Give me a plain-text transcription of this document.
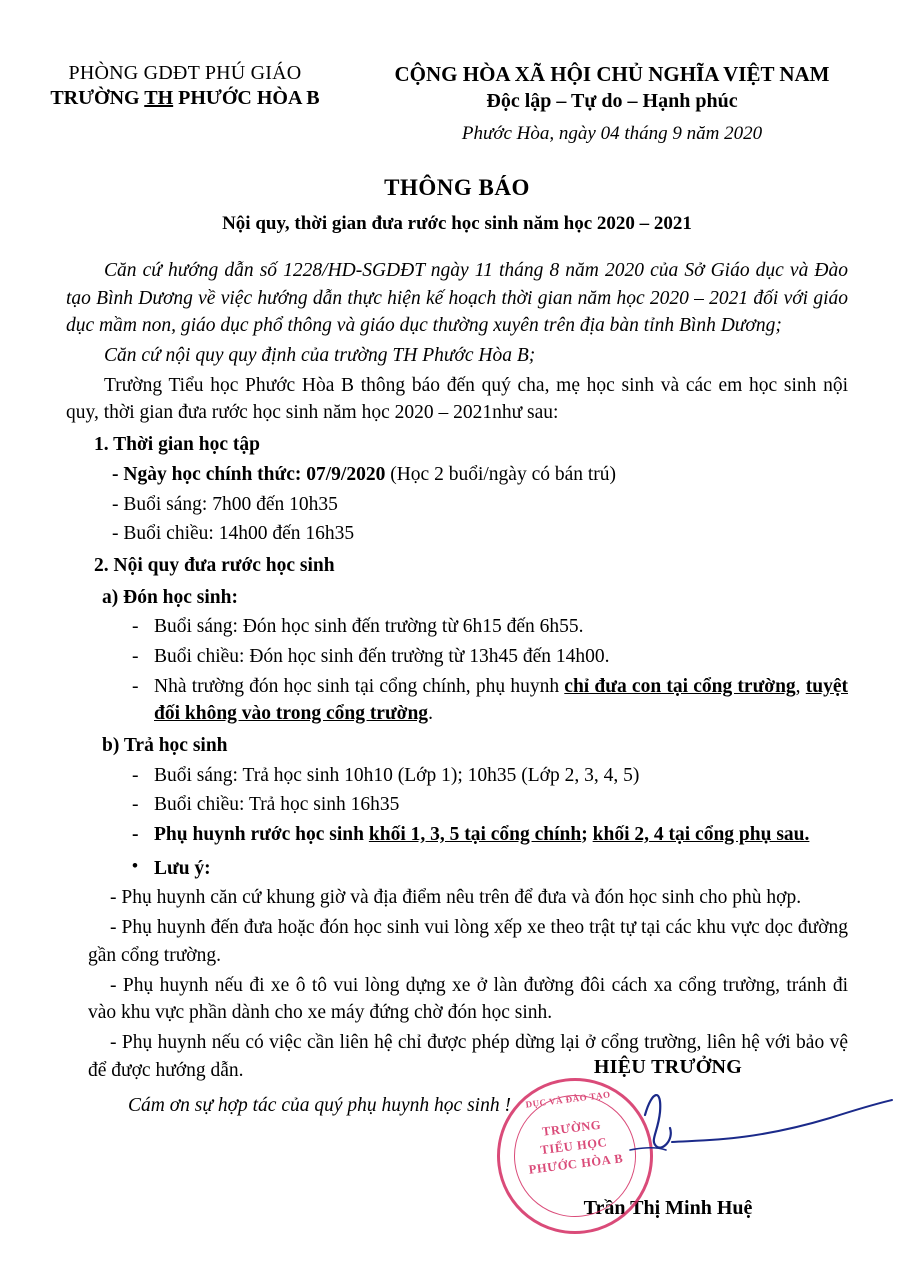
PHÒNG GDĐT PHÚ GIÁO
TRƯỜNG TH PHƯỚC HÒA B
CỘNG HÒA XÃ HỘI CHỦ NGHĨA VIỆT NAM
Độc lập – Tự do – Hạnh phúc
Phước Hòa, ngày 04 tháng 9 năm 2020
THÔNG BÁO
Nội quy, thời gian đưa rước học sinh năm học 2020 – 2021
Căn cứ hướng dẫn số 1228/HD-SGDĐT ngày 11 tháng 8 năm 2020 của Sở Giáo dục và Đào tạo Bình Dương về việc hướng dẫn thực hiện kế hoạch thời gian năm học 2020 – 2021 đối với giáo dục mầm non, giáo dục phổ thông và giáo dục thường xuyên trên địa bàn tỉnh Bình Dương;
Căn cứ nội quy quy định của trường TH Phước Hòa B;
Trường Tiểu học Phước Hòa B thông báo đến quý cha, mẹ học sinh và các em học sinh nội quy, thời gian đưa rước học sinh năm học 2020 – 2021như sau:
1. Thời gian học tập
- Ngày học chính thức: 07/9/2020 (Học 2 buổi/ngày có bán trú)
- Buổi sáng: 7h00 đến 10h35
- Buổi chiều: 14h00 đến 16h35
2. Nội quy đưa rước học sinh
a) Đón học sinh:
- Buổi sáng: Đón học sinh đến trường từ 6h15 đến 6h55.
- Buổi chiều: Đón học sinh đến trường từ 13h45 đến 14h00.
- Nhà trường đón học sinh tại cổng chính, phụ huynh chỉ đưa con tại cổng trường, tuyệt đối không vào trong cổng trường.
b) Trả học sinh
- Buổi sáng: Trả học sinh 10h10 (Lớp 1); 10h35 (Lớp 2, 3, 4, 5)
- Buổi chiều: Trả học sinh 16h35
- Phụ huynh rước học sinh khối 1, 3, 5 tại cổng chính; khối 2, 4 tại cổng phụ sau.
• Lưu ý:
- Phụ huynh căn cứ khung giờ và địa điểm nêu trên để đưa và đón học sinh cho phù hợp.
- Phụ huynh đến đưa hoặc đón học sinh vui lòng xếp xe theo trật tự tại các khu vực dọc đường gần cổng trường.
- Phụ huynh nếu đi xe ô tô vui lòng dựng xe ở làn đường đôi cách xa cổng trường, tránh đi vào khu vực phần dành cho xe máy đứng chờ đón học sinh.
- Phụ huynh nếu có việc cần liên hệ chỉ được phép dừng lại ở cổng trường, liên hệ với bảo vệ để được hướng dẫn.
Cám ơn sự hợp tác của quý phụ huynh học sinh !
HIỆU TRƯỞNG
Trần Thị Minh Huệ
DỤC VÀ ĐÀO TẠO
TRƯỜNG
TIỂU HỌC
PHƯỚC HÒA B
